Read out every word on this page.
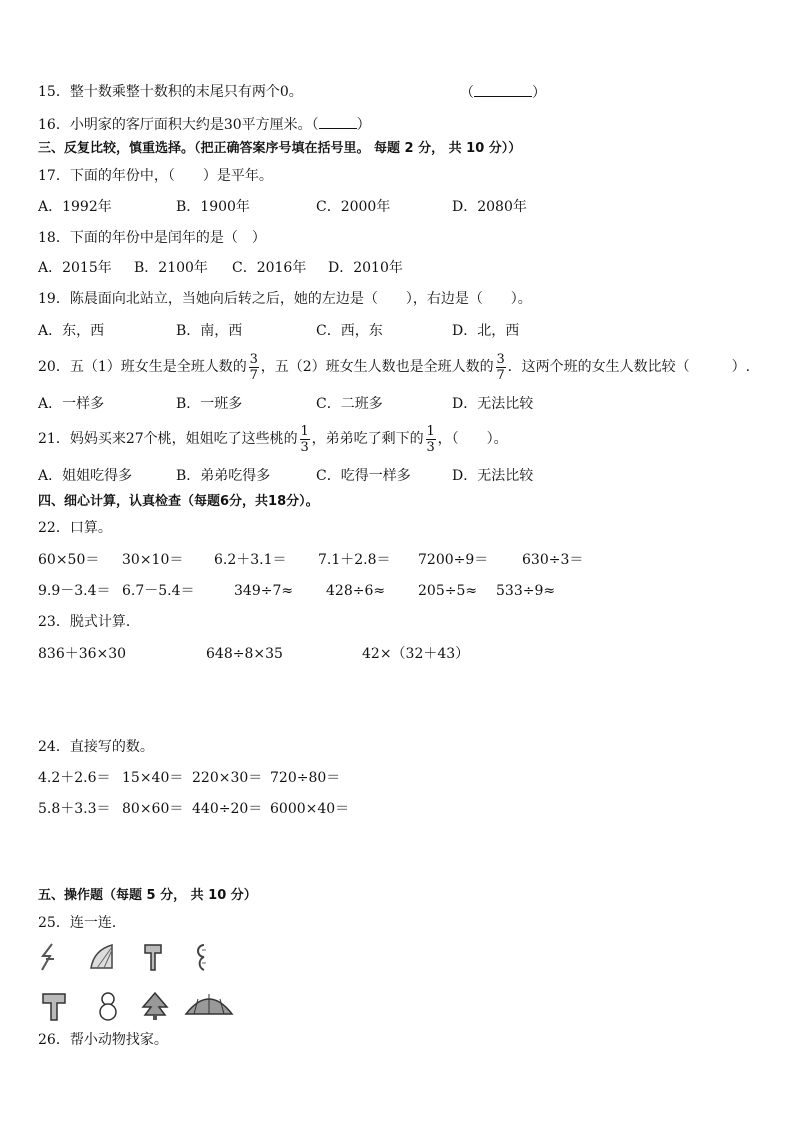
15．整十数乘整十数积的末尾只有两个0。	（	）
16．小明家的客厅面积大约是30平方厘米。（	）
三、反复比较，慎重选择。（把正确答案序号填在括号里。 每题 2 分， 共 10 分））
17．下面的年份中，（　　）是平年。
A．1992年	B．1900年	C．2000年	D．2080年
18．下面的年份中是闰年的是（　）
A．2015年 B．2100年 C．2016年 D．2010年
19．陈晨面向北站立，当她向后转之后，她的左边是（　　），右边是（　　）。
A．东，西	B．南，西	C．西，东	D．北，西
20．五（1）班女生是全班人数的 $\frac{3}{7}$ ，五（2）班女生人数也是全班人数的 $\frac{3}{7}$ ．这两个班的女生人数比较（　　　）.
A．一样多	B．一班多	C．二班多	D．无法比较
21．妈妈买来27个桃，姐姐吃了这些桃的 $\frac{1}{3}$ ，弟弟吃了剩下的 $\frac{1}{3}$ ，（　　）。
A．姐姐吃得多	B．弟弟吃得多	C．吃得一样多	D．无法比较
四、细心计算，认真检查（每题6分，共18分）。
22．口算。
60×50＝ 30×10＝ 6.2＋3.1＝ 7.1＋2.8＝ 7200÷9＝ 630÷3＝
9.9－3.4＝ 6.7－5.4＝	349÷7≈ 428÷6≈ 205÷5≈ 533÷9≈
23．脱式计算．
836＋36×30	648÷8×35	42×（32＋43）
24．直接写的数。
4.2＋2.6＝ 15×40＝ 220×30＝ 720÷80＝
5.8＋3.3＝ 80×60＝ 440÷20＝ 6000×40＝
五、操作题（每题 5 分， 共 10 分）
25．连一连．
26．帮小动物找家。
